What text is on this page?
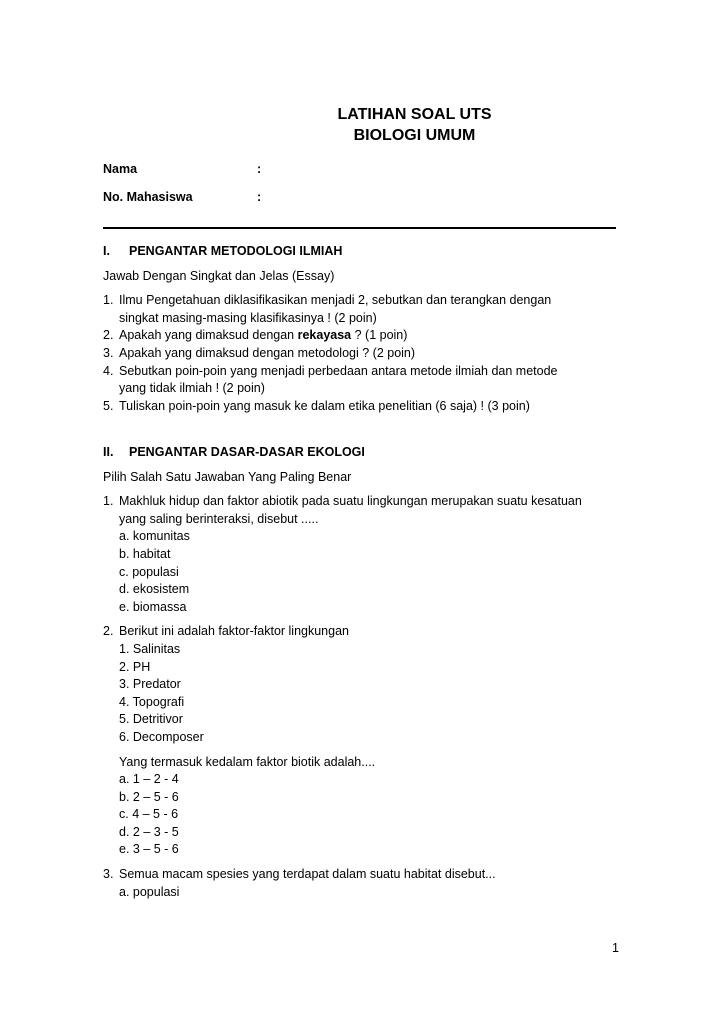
LATIHAN SOAL UTS
BIOLOGI UMUM
Nama	:
No. Mahasiswa	:
I. PENGANTAR METODOLOGI ILMIAH
Jawab Dengan Singkat dan Jelas (Essay)
1. Ilmu Pengetahuan diklasifikasikan menjadi 2, sebutkan dan terangkan dengan
singkat masing-masing klasifikasinya ! (2 poin)
2. Apakah yang dimaksud dengan rekayasa ? (1 poin)
3. Apakah yang dimaksud dengan metodologi ? (2 poin)
4. Sebutkan poin-poin yang menjadi perbedaan antara metode ilmiah dan metode
yang tidak ilmiah ! (2 poin)
5. Tuliskan poin-poin yang masuk ke dalam etika penelitian (6 saja) ! (3 poin)
II. PENGANTAR DASAR-DASAR EKOLOGI
Pilih Salah Satu Jawaban Yang Paling Benar
1. Makhluk hidup dan faktor abiotik pada suatu lingkungan merupakan suatu kesatuan
yang saling berinteraksi, disebut .....
a. komunitas
b. habitat
c. populasi
d. ekosistem
e. biomassa
2. Berikut ini adalah faktor-faktor lingkungan
1. Salinitas
2. PH
3. Predator
4. Topografi
5. Detritivor
6. Decomposer
Yang termasuk kedalam faktor biotik adalah....
a. 1 – 2 - 4
b. 2 – 5 - 6
c. 4 – 5 - 6
d. 2 – 3 - 5
e. 3 – 5 - 6
3. Semua macam spesies yang terdapat dalam suatu habitat disebut...
a. populasi
1
